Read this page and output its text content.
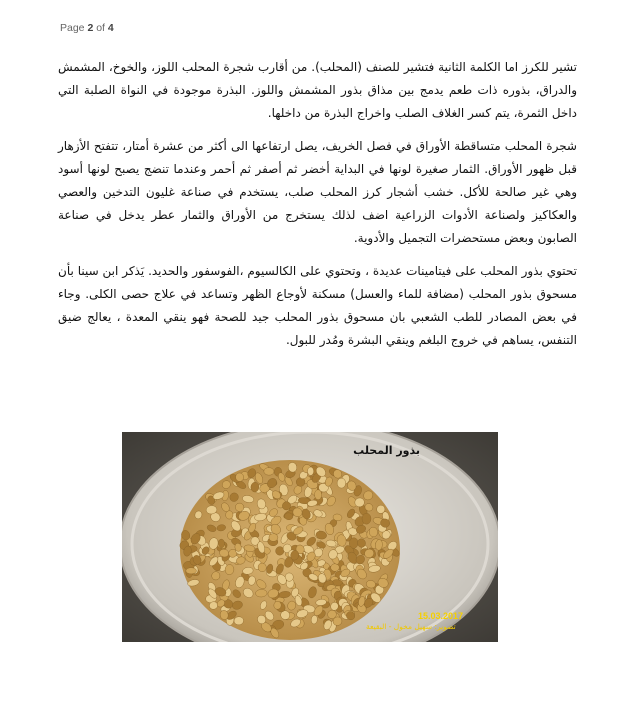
Page 2 of 4

تشير للكرز اما الكلمة الثانية فتشير للصنف (المحلب). من أقارب شجرة المحلب اللوز، والخوخ، المشمش والدراق، بذوره ذات طعم يدمج بين مذاق بذور المشمش واللوز. البذرة موجودة في النواة الصلبة التي داخل الثمرة، يتم كسر الغلاف الصلب واخراج البذرة من داخلها.

شجرة المحلب متساقطة الأوراق في فصل الخريف، يصل ارتفاعها الى أكثر من عشرة أمتار، تتفتح الأزهار قبل ظهور الأوراق. الثمار صغيرة لونها في البداية أخضر ثم أصفر ثم أحمر وعندما تنضج يصبح لونها أسود وهي غير صالحة للأكل. خشب أشجار كرز المحلب صلب، يستخدم في صناعة غليون التدخين والعصي والعكاكيز ولصناعة الأدوات الزراعية اضف لذلك يستخرج من الأوراق والثمار عطر يدخل في صناعة الصابون وبعض مستحضرات التجميل والأدوية.

تحتوي بذور المحلب على فيتامينات عديدة ، وتحتوي على الكالسيوم ،الفوسفور والحديد. يَذكر ابن سينا بأن مسحوق بذور المحلب (مضافة للماء والعسل) مسكنة لأوجاع الظهر وتساعد في علاج حصى الكلى. وجاء في بعض المصادر للطب الشعبي بان مسحوق بذور المحلب جيد للصحة فهو ينقي المعدة ، يعالج ضيق التنفس، يساهم في خروج البلغم وينقي البشرة ومُدر للبول.

بذور المحلب
15.03.2017
تصوير: سهيل مخول - البقيعة
